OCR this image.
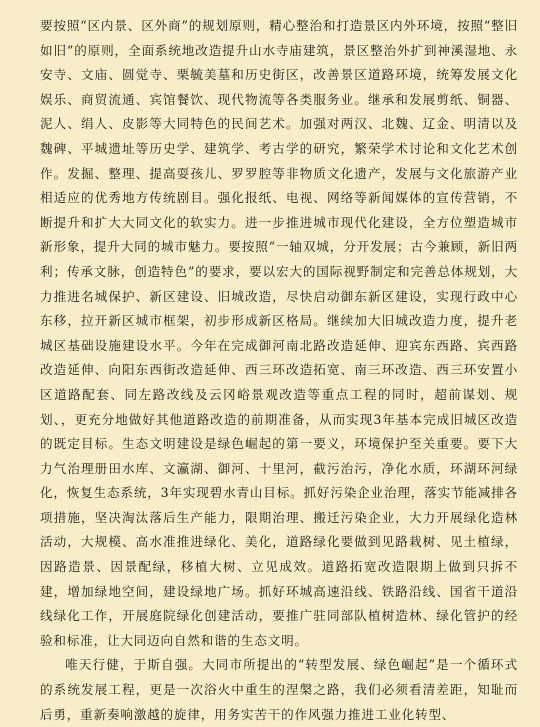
要按照“区内景、区外商”的规划原则，精心整治和打造景区内外环境，按照“整旧如旧”的原则，全面系统地改造提升山水寺庙建筑，景区整治外扩到神溪湿地、永安寺、文庙、圆觉寺、栗毓美墓和历史街区，改善景区道路环境，统筹发展文化娱乐、商贸流通、宾馆餐饮、现代物流等各类服务业。继承和发展剪纸、铜器、泥人、绢人、皮影等大同特色的民间艺术。加强对两汉、北魏、辽金、明清以及魏碑、平城遗址等历史学、建筑学、考古学的研究，繁荣学术讨论和文化艺术创作。发掘、整理、提高耍孩儿、罗罗腔等非物质文化遗产，发展与文化旅游产业相适应的优秀地方传统剧目。强化报纸、电视、网络等新闻媒体的宣传营销，不断提升和扩大大同文化的软实力。进一步推进城市现代化建设，全方位塑造城市新形象，提升大同的城市魅力。要按照“一轴双城，分开发展；古今兼顾，新旧两利；传承文脉，创造特色”的要求，要以宏大的国际视野制定和完善总体规划，大力推进名城保护、新区建设、旧城改造，尽快启动御东新区建设，实现行政中心东移，拉开新区城市框架，初步形成新区格局。继续加大旧城改造力度，提升老城区基础设施建设水平。今年在完成御河南北路改造延伸、迎宾东西路、宾西路改造延伸、向阳东西街改造延伸、西三环改造拓宽、南三环改造、西三环安置小区道路配套、同左路改线及云冈峪景观改造等重点工程的同时，超前谋划、规划、，更充分地做好其他道路改造的前期准备，从而实现3年基本完成旧城区改造的既定目标。生态文明建设是绿色崛起的第一要义，环境保护至关重要。要下大力气治理册田水库、文瀛湖、御河、十里河，截污治污，净化水质，环湖环河绿化，恢复生态系统，3年实现碧水青山目标。抓好污染企业治理，落实节能减排各项措施，坚决淘汰落后生产能力，限期治理、搬迁污染企业，大力开展绿化造林活动，大规模、高水准推进绿化、美化，道路绿化要做到见路栽树、见土植绿，因路造景、因景配绿，移植大树、立见成效。道路拓宽改造限期上做到只拆不建，增加绿地空间，建设绿地广场。抓好环城高速沿线、铁路沿线、国省干道沿线绿化工作，开展庭院绿化创建活动，要推广驻同部队植树造林、绿化管护的经验和标准，让大同迈向自然和谐的生态文明。

唯天行健，于斯自强。大同市所提出的“转型发展、绿色崛起”是一个循环式的系统发展工程，更是一次浴火中重生的涅槃之路，我们必须看清差距，知耻而后勇，重新奏响激越的旋律，用务实苦干的作风强力推进工业化转型、
